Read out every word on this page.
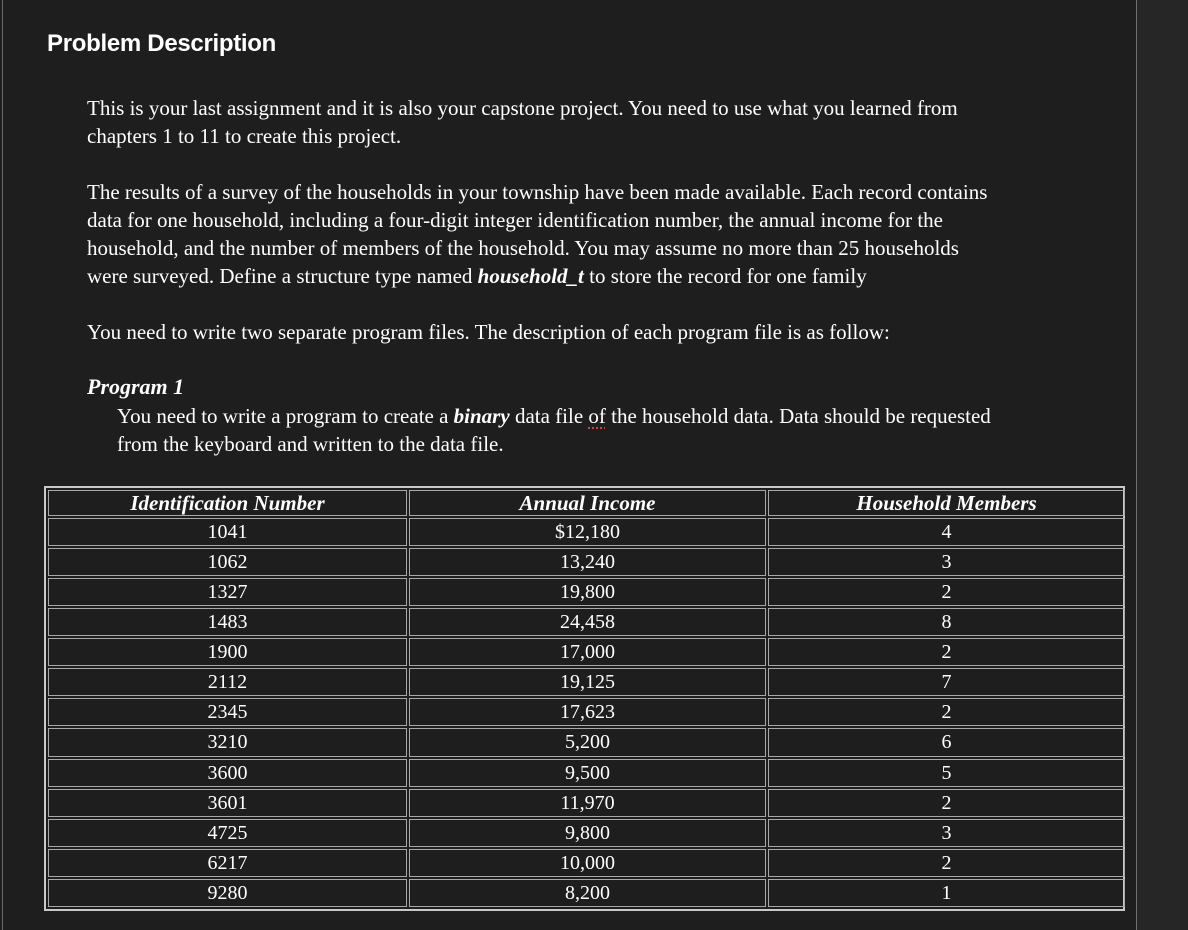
Problem Description
This is your last assignment and it is also your capstone project. You need to use what you learned from
chapters 1 to 11 to create this project.
The results of a survey of the households in your township have been made available. Each record contains
data for one household, including a four-digit integer identification number, the annual income for the
household, and the number of members of the household. You may assume no more than 25 households
were surveyed. Define a structure type named household_t to store the record for one family
You need to write two separate program files. The description of each program file is as follow:
Program 1
You need to write a program to create a binary data file of the household data. Data should be requested
from the keyboard and written to the data file.
Identification Number	Annual Income	Household Members
1041	$12,180	4
1062	13,240	3
1327	19,800	2
1483	24,458	8
1900	17,000	2
2112	19,125	7
2345	17,623	2
3210	5,200	6
3600	9,500	5
3601	11,970	2
4725	9,800	3
6217	10,000	2
9280	8,200	1
